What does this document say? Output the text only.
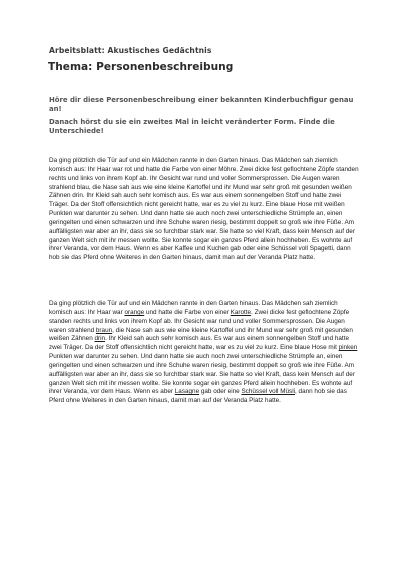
Arbeitsblatt: Akustisches Gedächtnis
Thema: Personenbeschreibung
Höre dir diese Personenbeschreibung einer bekannten Kinderbuchfigur genau an!
Danach hörst du sie ein zweites Mal in leicht veränderter Form. Finde die Unterschiede!
Da ging plötzlich die Tür auf und ein Mädchen rannte in den Garten hinaus. Das Mädchen sah ziemlich komisch aus: Ihr Haar war rot und hatte die Farbe von einer Möhre. Zwei dicke fest geflochtene Zöpfe standen rechts und links von ihrem Kopf ab. Ihr Gesicht war rund und voller Sommersprossen. Die Augen waren strahlend blau, die Nase sah aus wie eine kleine Kartoffel und ihr Mund war sehr groß mit gesunden weißen Zähnen drin. Ihr Kleid sah auch sehr komisch aus. Es war aus einem sonnengelben Stoff und hatte zwei Träger. Da der Stoff offensichtlich nicht gereicht hatte, war es zu viel zu kurz. Eine blaue Hose mit weißen Punkten war darunter zu sehen. Und dann hatte sie auch noch zwei unterschiedliche Strümpfe an, einen geringelten und einen schwarzen und ihre Schuhe waren riesig, bestimmt doppelt so groß wie ihre Füße. Am auffälligsten war aber an ihr, dass sie so furchtbar stark war. Sie hatte so viel Kraft, dass kein Mensch auf der ganzen Welt sich mit ihr messen wollte. Sie konnte sogar ein ganzes Pferd allein hochheben. Es wohnte auf ihrer Veranda, vor dem Haus. Wenn es aber Kaffee und Kuchen gab oder eine Schüssel voll Spagetti, dann hob sie das Pferd ohne Weiteres in den Garten hinaus, damit man auf der Veranda Platz hatte.
Da ging plötzlich die Tür auf und ein Mädchen rannte in den Garten hinaus. Das Mädchen sah ziemlich komisch aus: Ihr Haar war orange und hatte die Farbe von einer Karotte. Zwei dicke fest geflochtene Zöpfe standen rechts und links von ihrem Kopf ab. Ihr Gesicht war rund und voller Sommersprossen. Die Augen waren strahlend braun, die Nase sah aus wie eine kleine Kartoffel und ihr Mund war sehr groß mit gesunden weißen Zähnen drin. Ihr Kleid sah auch sehr komisch aus. Es war aus einem sonnengelben Stoff und hatte zwei Träger. Da der Stoff offensichtlich nicht gereicht hatte, war es zu viel zu kurz. Eine blaue Hose mit pinken Punkten war darunter zu sehen. Und dann hatte sie auch noch zwei unterschiedliche Strümpfe an, einen geringelten und einen schwarzen und ihre Schuhe waren riesig, bestimmt doppelt so groß wie ihre Füße. Am auffälligsten war aber an ihr, dass sie so furchtbar stark war. Sie hatte so viel Kraft, dass kein Mensch auf der ganzen Welt sich mit ihr messen wollte. Sie konnte sogar ein ganzes Pferd allein hochheben. Es wohnte auf ihrer Veranda, vor dem Haus. Wenn es aber Lasagne gab oder eine Schüssel voll Müsli, dann hob sie das Pferd ohne Weiteres in den Garten hinaus, damit man auf der Veranda Platz hatte.
